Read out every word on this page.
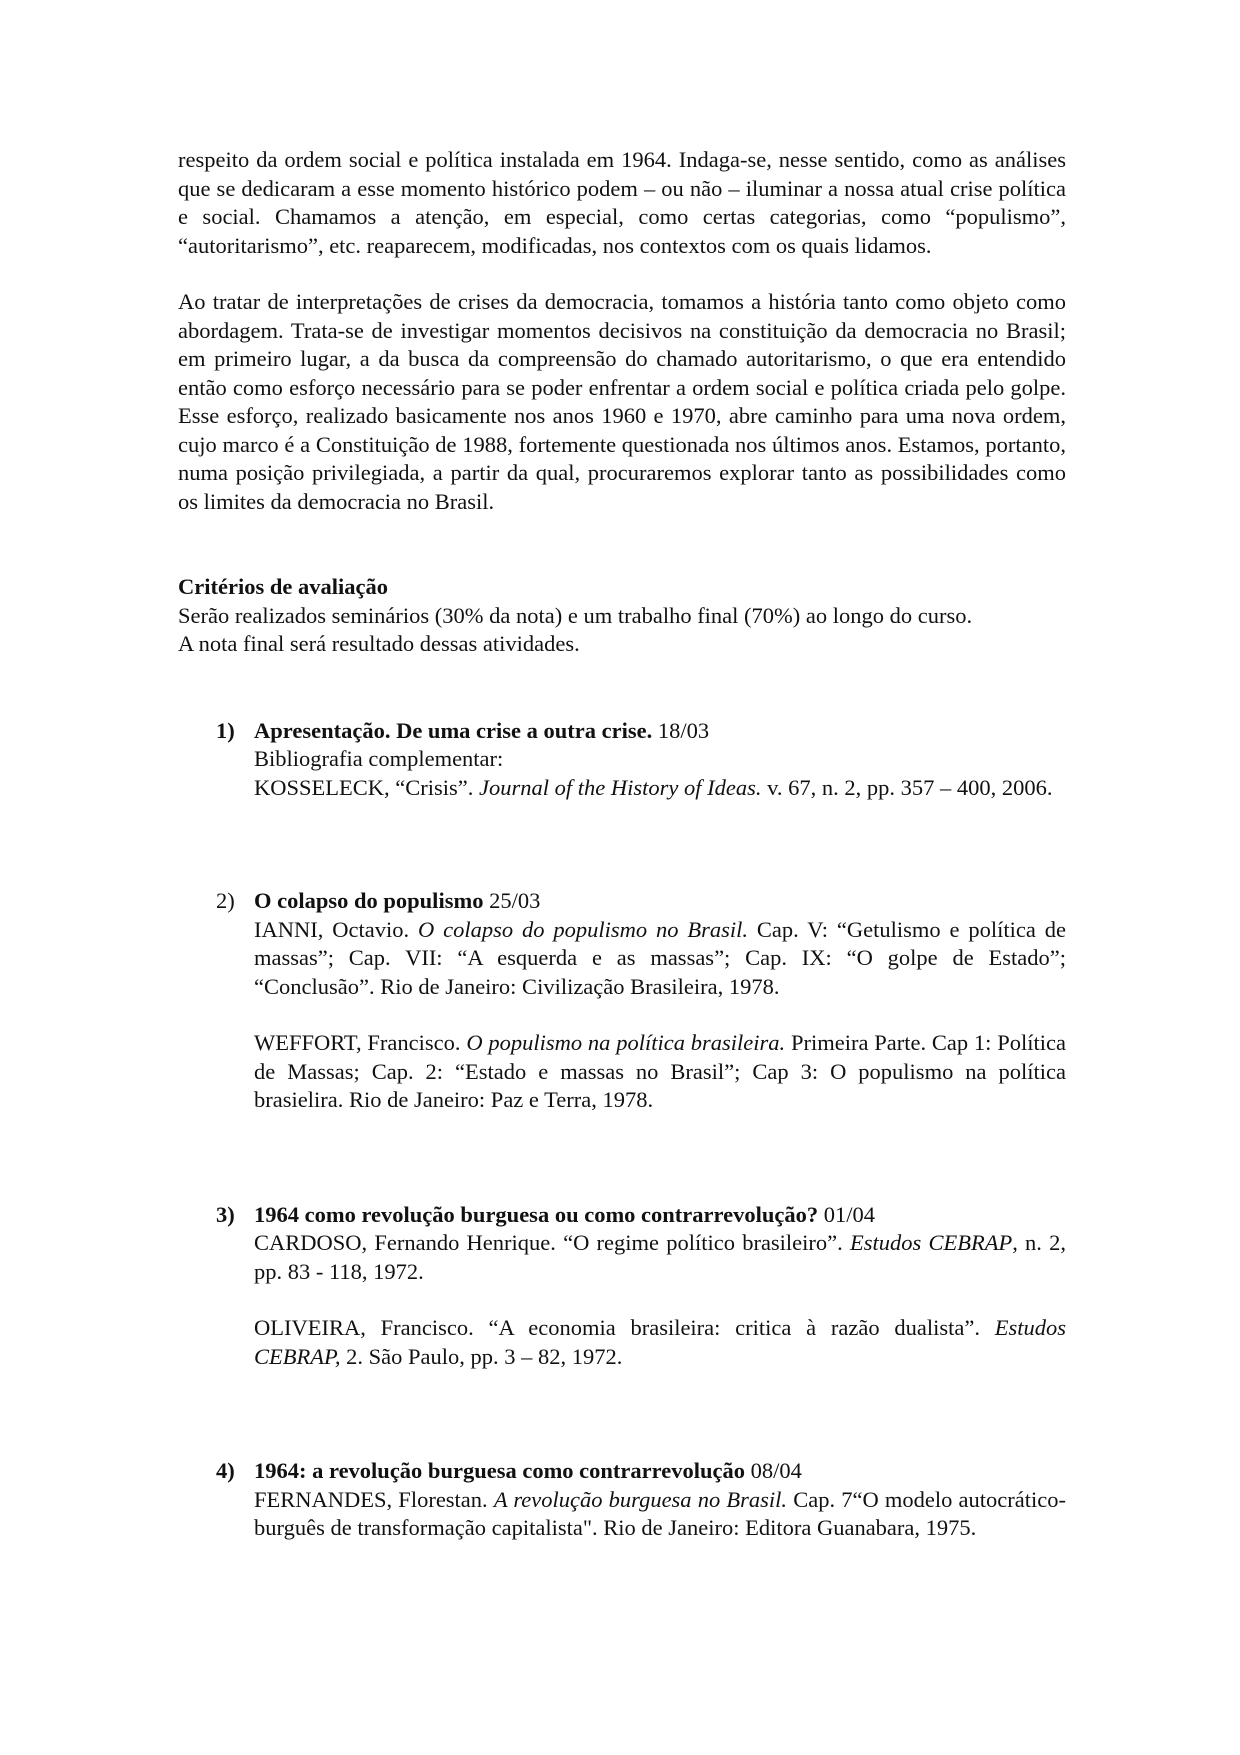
respeito da ordem social e política instalada em 1964. Indaga-se, nesse sentido, como as análises que se dedicaram a esse momento histórico podem – ou não – iluminar a nossa atual crise política e social. Chamamos a atenção, em especial, como certas categorias, como “populismo”, “autoritarismo”, etc. reaparecem, modificadas, nos contextos com os quais lidamos.

Ao tratar de interpretações de crises da democracia, tomamos a história tanto como objeto como abordagem. Trata-se de investigar momentos decisivos na constituição da democracia no Brasil; em primeiro lugar, a da busca da compreensão do chamado autoritarismo, o que era entendido então como esforço necessário para se poder enfrentar a ordem social e política criada pelo golpe. Esse esforço, realizado basicamente nos anos 1960 e 1970, abre caminho para uma nova ordem, cujo marco é a Constituição de 1988, fortemente questionada nos últimos anos. Estamos, portanto, numa posição privilegiada, a partir da qual, procuraremos explorar tanto as possibilidades como os limites da democracia no Brasil.

Critérios de avaliação

Serão realizados seminários (30% da nota) e um trabalho final (70%) ao longo do curso.
A nota final será resultado dessas atividades.

1) Apresentação. De uma crise a outra crise. 18/03

Bibliografia complementar:

KOSSELECK, “Crisis”. Journal of the History of Ideas. v. 67, n. 2, pp. 357 – 400, 2006.

2) O colapso do populismo 25/03

IANNI, Octavio. O colapso do populismo no Brasil. Cap. V: “Getulismo e política de massas”; Cap. VII: “A esquerda e as massas”; Cap. IX: “O golpe de Estado”; “Conclusão”. Rio de Janeiro: Civilização Brasileira, 1978.

WEFFORT, Francisco. O populismo na política brasileira. Primeira Parte. Cap 1: Política de Massas; Cap. 2: “Estado e massas no Brasil”; Cap 3: O populismo na política brasielira. Rio de Janeiro: Paz e Terra, 1978.

3) 1964 como revolução burguesa ou como contrarrevolução? 01/04

CARDOSO, Fernando Henrique. “O regime político brasileiro”. Estudos CEBRAP, n. 2, pp. 83 - 118, 1972.

OLIVEIRA, Francisco. “A economia brasileira: critica à razão dualista”. Estudos CEBRAP, 2. São Paulo, pp. 3 – 82, 1972.

4) 1964: a revolução burguesa como contrarrevolução 08/04

FERNANDES, Florestan. A revolução burguesa no Brasil. Cap. 7“O modelo autocrático-burguês de transformação capitalista". Rio de Janeiro: Editora Guanabara, 1975.
